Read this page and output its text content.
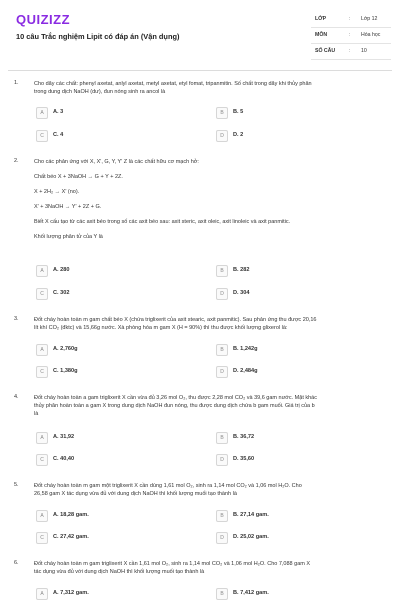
QUIZIZZ
10 câu Trắc nghiệm Lipit có đáp án (Vận dụng)
LỚP	: Lớp 12
MÔN	: Hóa học
SỐ CÂU	: 10
1.	Cho dãy các chất: phenyl axetat, anlyl axetat, metyl axetat, etyl fomat, tripanmitin. Số chất trong dãy khi thủy phân
trong dung dịch NaOH (dư), đun nóng sinh ra ancol là
A	A. 3	B	B. 5
C	C. 4	D	D. 2
2.	Cho các phản ứng với X, X', G, Y, Y' Z là các chất hữu cơ mạch hở:
Chất béo X + 3NaOH → G + Y + 2Z.
X + 2H₂ → X' (no).
X' + 3NaOH → Y' + 2Z + G.
Biết X cấu tạo từ các axit béo trong số các axit béo sau: axit steric, axit oleic, axit linoleic và axit panmitic.
Khối lượng phân tử của Y là
A	A. 280	B	B. 282
C	C. 302	D	D. 304
3.	Đốt cháy hoàn toàn m gam chất béo X (chứa triglixerit của axit stearic, axit panmitic). Sau phản ứng thu được 20,16
lít khí CO₂ (đktc) và 15,66g nước. Xà phòng hóa m gam X (H = 90%) thì thu được khối lượng glixerol là:
A	A. 2,760g	B	B. 1,242g
C	C. 1,380g	D	D. 2,484g
4.	Đốt cháy hoàn toàn a gam triglixerit X cần vừa đủ 3,26 mol O₂, thu được 2,28 mol CO₂ và 39,6 gam nước. Mặt khác
thủy phân hoàn toàn a gam X trong dung dịch NaOH đun nóng, thu được dung dịch chứa b gam muối. Giá trị của b
là
A	A. 31,92	B	B. 36,72
C	C. 40,40	D	D. 35,60
5.	Đốt cháy hoàn toàn m gam một triglixerit X cần dùng 1,61 mol O₂, sinh ra 1,14 mol CO₂ và 1,06 mol H₂O. Cho
26,58 gam X tác dụng vừa đủ với dung dịch NaOH thì khối lượng muối tạo thành là
A	A. 18,28 gam.	B	B. 27,14 gam.
C	C. 27,42 gam.	D	D. 25,02 gam.
6.	Đốt cháy hoàn toàn m gam triglixerit X cần 1,61 mol O₂, sinh ra 1,14 mol CO₂ và 1,06 mol H₂O. Cho 7,088 gam X
tác dụng vừa đủ với dung dịch NaOH thì khối lượng muối tạo thành là
A	A. 7,312 gam.	B	B. 7,412 gam.
